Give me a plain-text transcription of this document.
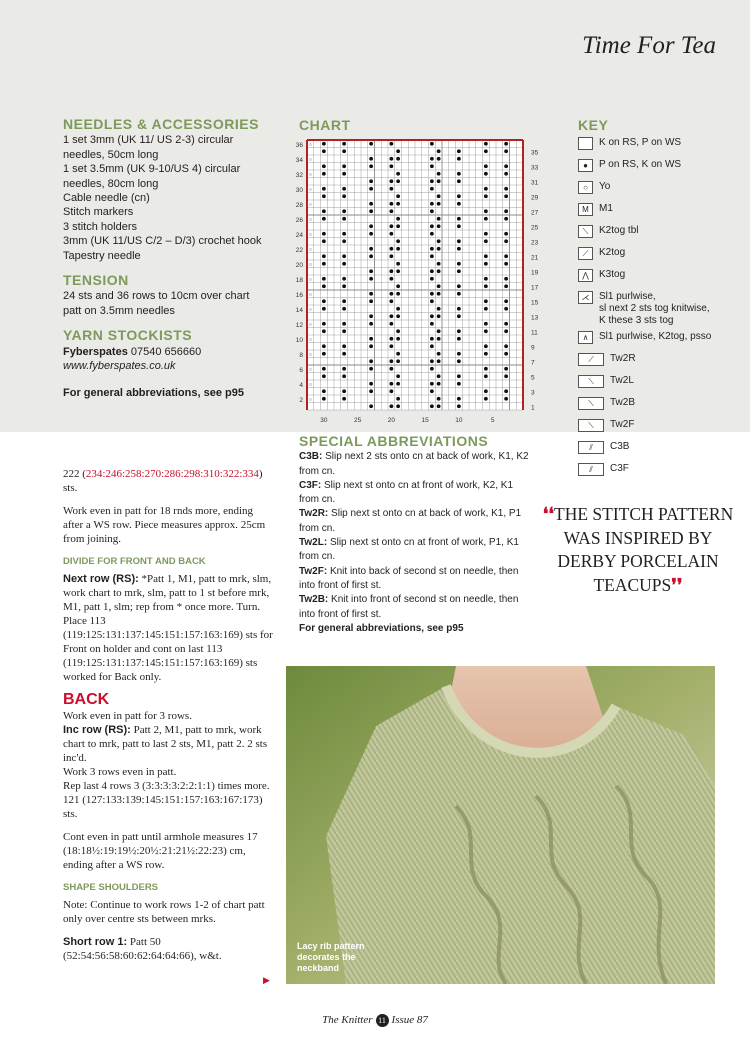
Time For Tea
NEEDLES & ACCESSORIES

1 set 3mm (UK 11/ US 2-3) circular

needles, 50cm long

1 set 3.5mm (UK 9-10/US 4) circular

needles, 80cm long

Cable needle (cn)

Stitch markers

3 stitch holders

3mm (UK 11/US C/2 – D/3) crochet hook

Tapestry needle

TENSION

24 sts and 36 rows to 10cm over chart

patt on 3.5mm needles

YARN STOCKISTS

Fyberspates 07540 656660

www.fyberspates.co.uk

For general abbreviations, see p95

CHART
○
○
○
○
○
○
○
○
○
○
○
○
○
○
○
○
○
○
36
34
32
30
28
26
24
22
20
18
16
14
12
10
8
6
4
2
35
33
31
29
27
25
23
21
19
17
15
13
11
9
7
5
3
1
30	25	20	15	10	5
KEY
K on RS, P on WS
●	P on RS, K on WS
○	Yo
M	M1
⟍	K2tog tbl
⟋	K2tog
⋀	K3tog
⋌ Sl1 purlwise,
sl next 2 sts tog knitwise,
K these 3 sts tog
∧	Sl1 purlwise, K2tog, psso
⟋	Tw2R
⟍	Tw2L
⟍	Tw2B
⟍	Tw2F
⫽	C3B
⫽	C3F

222 (234:246:258:270:286:298:310:322:334) sts.

Work even in patt for 18 rnds more, ending after a WS row. Piece measures approx. 25cm from joining.

DIVIDE FOR FRONT AND BACK

Next row (RS): *Patt 1, M1, patt to mrk, slm, work chart to mrk, slm, patt to 1 st before mrk, M1, patt 1, slm; rep from * once more. Turn. Place 113 (119:125:131:137:145:151:157:163:169) sts for Front on holder and cont on last 113 (119:125:131:137:145:151:157:163:169) sts worked for Back only.

BACK

Work even in patt for 3 rows.

Inc row (RS): Patt 2, M1, patt to mrk, work chart to mrk, patt to last 2 sts, M1, patt 2. 2 sts inc'd.

Work 3 rows even in patt.

Rep last 4 rows 3 (3:3:3:3:2:2:1:1) times more.

121 (127:133:139:145:151:157:163:167:173) sts.

Cont even in patt until armhole measures 17 (18:18½:19:19½:20½:21:21½:22:23) cm, ending after a WS row.

SHAPE SHOULDERS

Note: Continue to work rows 1-2 of chart patt only over centre sts between mrks.

Short row 1: Patt 50 (52:54:56:58:60:62:64:64:66), w&t.

SPECIAL ABBREVIATIONS

C3B: Slip next 2 sts onto cn at back of work, K1, K2 from cn.

C3F: Slip next st onto cn at front of work, K2, K1 from cn.

Tw2R: Slip next st onto cn at back of work, K1, P1 from cn.

Tw2L: Slip next st onto cn at front of work, P1, K1 from cn.

Tw2F: Knit into back of second st on needle, then into front of first st.

Tw2B: Knit into front of second st on needle, then into front of first st.

For general abbreviations, see p95

❛❛THE STITCH PATTERN WAS INSPIRED BY DERBY PORCELAIN TEACUPS❜❜
Lacy rib pattern decorates the neckband
▶
The Knitter 11 Issue 87
